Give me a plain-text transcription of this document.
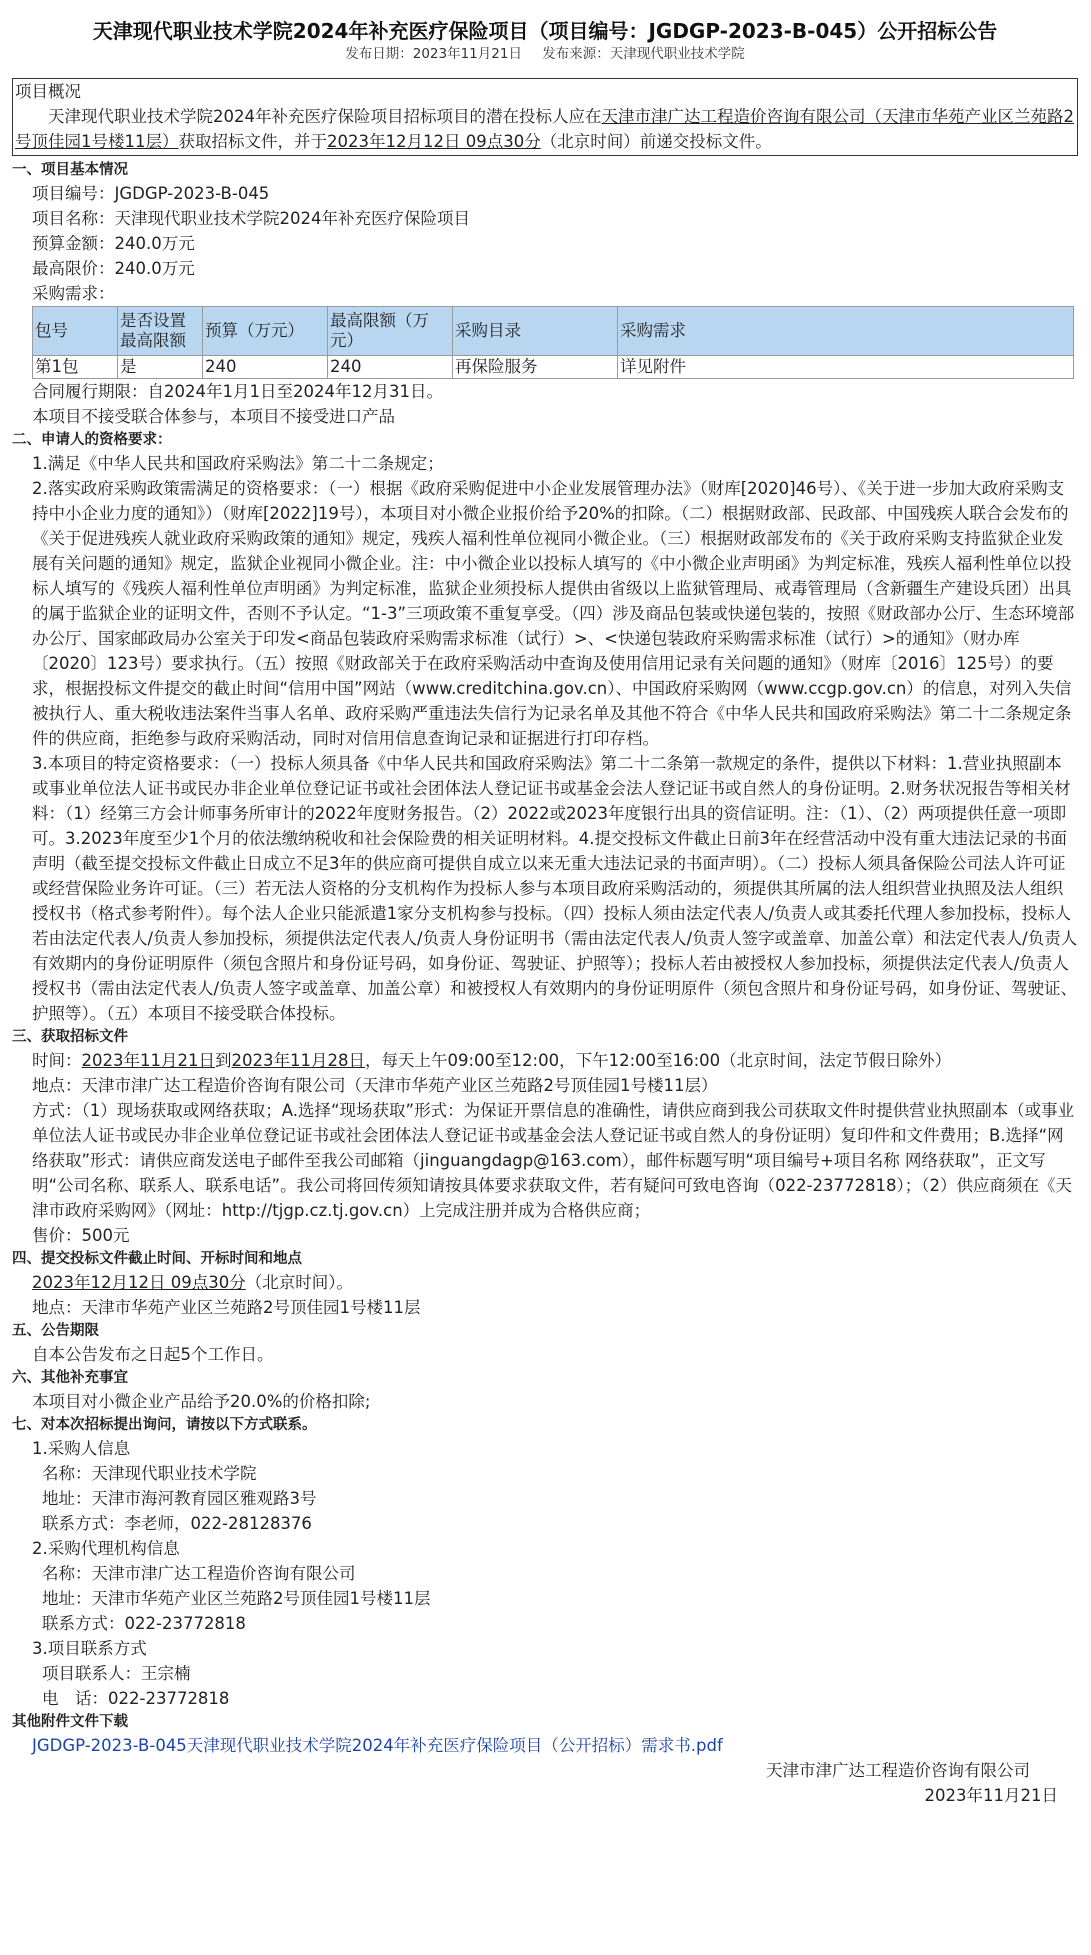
天津现代职业技术学院2024年补充医疗保险项目（项目编号：JGDGP-2023-B-045）公开招标公告
发布日期：2023年11月21日 发布来源：天津现代职业技术学院
项目概况
天津现代职业技术学院2024年补充医疗保险项目招标项目的潜在投标人应在天津市津广达工程造价咨询有限公司（天津市华苑产业区兰苑路2号顶佳园1号楼11层）获取招标文件，并于2023年12月12日 09点30分（北京时间）前递交投标文件。
一、项目基本情况
项目编号：JGDGP-2023-B-045
项目名称：天津现代职业技术学院2024年补充医疗保险项目
预算金额：240.0万元
最高限价：240.0万元
采购需求：
包号	是否设置最高限额	预算（万元）	最高限额（万元）	采购目录	采购需求
第1包	是	240	240	再保险服务	详见附件
合同履行期限：自2024年1月1日至2024年12月31日。
本项目不接受联合体参与，本项目不接受进口产品
二、申请人的资格要求：
1.满足《中华人民共和国政府采购法》第二十二条规定；
2.落实政府采购政策需满足的资格要求：（一）根据《政府采购促进中小企业发展管理办法》（财库[2020]46号）、《关于进一步加大政府采购支持中小企业力度的通知》）（财库[2022]19号），本项目对小微企业报价给予20%的扣除。（二）根据财政部、民政部、中国残疾人联合会发布的《关于促进残疾人就业政府采购政策的通知》规定，残疾人福利性单位视同小微企业。（三）根据财政部发布的《关于政府采购支持监狱企业发展有关问题的通知》规定，监狱企业视同小微企业。注：中小微企业以投标人填写的《中小微企业声明函》为判定标准，残疾人福利性单位以投标人填写的《残疾人福利性单位声明函》为判定标准，监狱企业须投标人提供由省级以上监狱管理局、戒毒管理局（含新疆生产建设兵团）出具的属于监狱企业的证明文件，否则不予认定。“1-3”三项政策不重复享受。（四）涉及商品包装或快递包装的，按照《财政部办公厅、生态环境部办公厅、国家邮政局办公室关于印发<商品包装政府采购需求标准（试行）>、<快递包装政府采购需求标准（试行）>的通知》（财办库〔2020〕123号）要求执行。（五）按照《财政部关于在政府采购活动中查询及使用信用记录有关问题的通知》（财库〔2016〕125号）的要求，根据投标文件提交的截止时间“信用中国”网站（www.creditchina.gov.cn）、中国政府采购网（www.ccgp.gov.cn）的信息，对列入失信被执行人、重大税收违法案件当事人名单、政府采购严重违法失信行为记录名单及其他不符合《中华人民共和国政府采购法》第二十二条规定条件的供应商，拒绝参与政府采购活动，同时对信用信息查询记录和证据进行打印存档。
3.本项目的特定资格要求：（一）投标人须具备《中华人民共和国政府采购法》第二十二条第一款规定的条件，提供以下材料：1.营业执照副本或事业单位法人证书或民办非企业单位登记证书或社会团体法人登记证书或基金会法人登记证书或自然人的身份证明。2.财务状况报告等相关材料：（1）经第三方会计师事务所审计的2022年度财务报告。（2）2022或2023年度银行出具的资信证明。注：（1）、（2）两项提供任意一项即可。3.2023年度至少1个月的依法缴纳税收和社会保险费的相关证明材料。4.提交投标文件截止日前3年在经营活动中没有重大违法记录的书面声明（截至提交投标文件截止日成立不足3年的供应商可提供自成立以来无重大违法记录的书面声明）。（二）投标人须具备保险公司法人许可证或经营保险业务许可证。（三）若无法人资格的分支机构作为投标人参与本项目政府采购活动的，须提供其所属的法人组织营业执照及法人组织授权书（格式参考附件）。每个法人企业只能派遣1家分支机构参与投标。（四）投标人须由法定代表人/负责人或其委托代理人参加投标，投标人若由法定代表人/负责人参加投标，须提供法定代表人/负责人身份证明书（需由法定代表人/负责人签字或盖章、加盖公章）和法定代表人/负责人有效期内的身份证明原件（须包含照片和身份证号码，如身份证、驾驶证、护照等）；投标人若由被授权人参加投标，须提供法定代表人/负责人授权书（需由法定代表人/负责人签字或盖章、加盖公章）和被授权人有效期内的身份证明原件（须包含照片和身份证号码，如身份证、驾驶证、护照等）。（五）本项目不接受联合体投标。
三、获取招标文件
时间：2023年11月21日到2023年11月28日，每天上午09:00至12:00，下午12:00至16:00（北京时间，法定节假日除外）
地点：天津市津广达工程造价咨询有限公司（天津市华苑产业区兰苑路2号顶佳园1号楼11层）
方式：（1）现场获取或网络获取；A.选择“现场获取”形式：为保证开票信息的准确性，请供应商到我公司获取文件时提供营业执照副本（或事业单位法人证书或民办非企业单位登记证书或社会团体法人登记证书或基金会法人登记证书或自然人的身份证明）复印件和文件费用；B.选择“网络获取”形式：请供应商发送电子邮件至我公司邮箱（jinguangdagp@163.com），邮件标题写明“项目编号+项目名称 网络获取”，正文写明“公司名称、联系人、联系电话”。我公司将回传须知请按具体要求获取文件，若有疑问可致电咨询（022-23772818）；（2）供应商须在《天津市政府采购网》（网址：http://tjgp.cz.tj.gov.cn）上完成注册并成为合格供应商；
售价：500元
四、提交投标文件截止时间、开标时间和地点
2023年12月12日 09点30分（北京时间）。
地点：天津市华苑产业区兰苑路2号顶佳园1号楼11层
五、公告期限
自本公告发布之日起5个工作日。
六、其他补充事宜
本项目对小微企业产品给予20.0%的价格扣除;
七、对本次招标提出询问，请按以下方式联系。
1.采购人信息
名称：天津现代职业技术学院
地址：天津市海河教育园区雅观路3号
联系方式：李老师，022-28128376
2.采购代理机构信息
名称：天津市津广达工程造价咨询有限公司
地址：天津市华苑产业区兰苑路2号顶佳园1号楼11层
联系方式：022-23772818
3.项目联系方式
项目联系人：王宗楠
电　话：022-23772818
其他附件文件下载
JGDGP-2023-B-045天津现代职业技术学院2024年补充医疗保险项目（公开招标）需求书.pdf
天津市津广达工程造价咨询有限公司
2023年11月21日
